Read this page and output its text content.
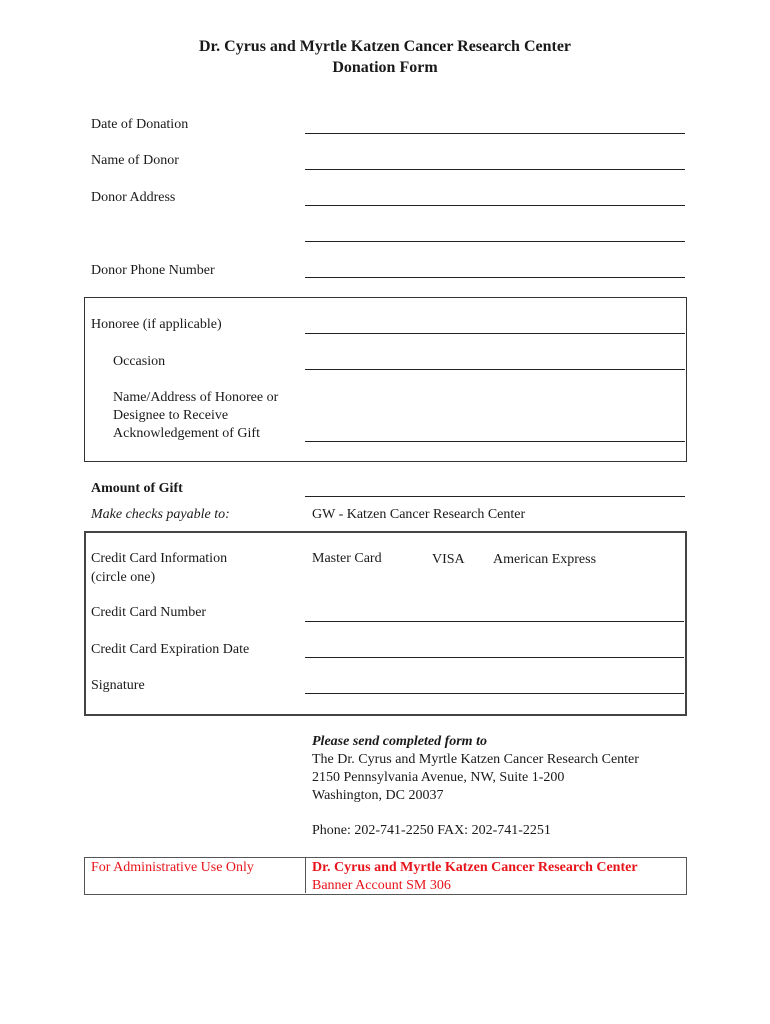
Dr. Cyrus and Myrtle Katzen Cancer Research Center
Donation Form
Date of Donation
Name of Donor
Donor Address
Donor Phone Number
Honoree (if applicable)
Occasion
Name/Address of Honoree or
Designee to Receive
Acknowledgement of Gift
Amount of Gift
Make checks payable to:	GW - Katzen Cancer Research Center
Credit Card Information
(circle one)
Master Card	VISA American Express
Credit Card Number
Credit Card Expiration Date
Signature
Please send completed form to
The Dr. Cyrus and Myrtle Katzen Cancer Research Center
2150 Pennsylvania Avenue, NW, Suite 1-200
Washington, DC 20037
Phone: 202-741-2250 FAX: 202-741-2251
For Administrative Use Only	Dr. Cyrus and Myrtle Katzen Cancer Research Center
Banner Account SM 306
